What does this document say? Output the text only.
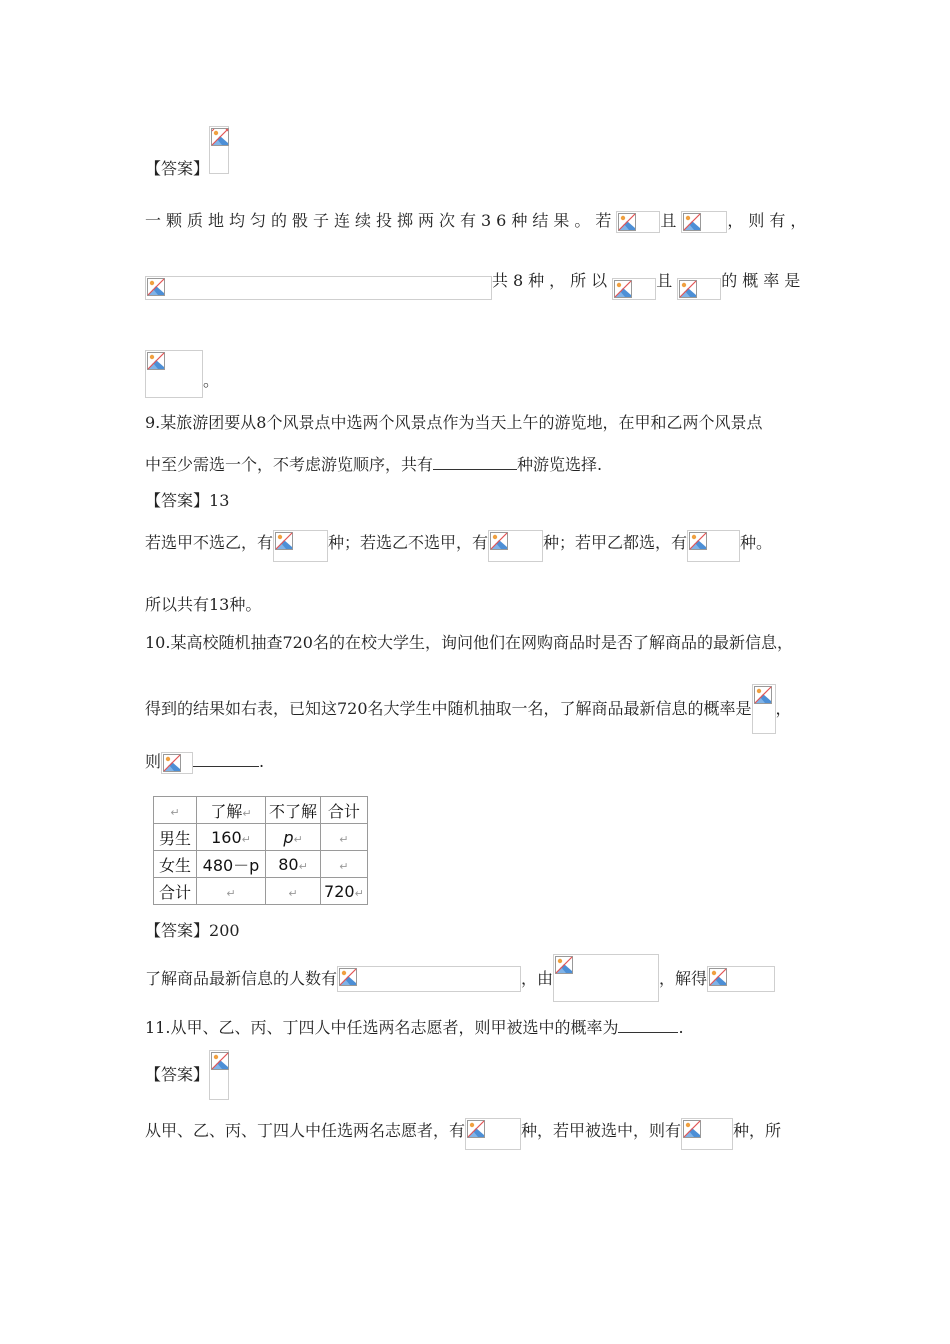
【答案】
一颗质地均匀的骰子连续投掷两次有36种结果。若	且	，则有，
共8种，所以	且	的概率是
。
9.某旅游团要从8个风景点中选两个风景点作为当天上午的游览地，在甲和乙两个风景点
中至少需选一个，不考虑游览顺序，共有	种游览选择.
【答案】13
若选甲不选乙，有	种；若选乙不选甲，有	种；若甲乙都选，有	种。
所以共有13种。
10.某高校随机抽查720名的在校大学生，询问他们在网购商品时是否了解商品的最新信息，
得到的结果如右表，已知这720名大学生中随机抽取一名，了解商品最新信息的概率是 ，
则	.
↵	了解↵	不了解	合计
男生	160↵	p↵	↵
女生	480－p	80↵	↵
合计	↵	↵	720↵
【答案】200
了解商品最新信息的人数有	，由	，解得
11.从甲、乙、丙、丁四人中任选两名志愿者，则甲被选中的概率为	.
【答案】
从甲、乙、丙、丁四人中任选两名志愿者，有	种，若甲被选中，则有	种，所
